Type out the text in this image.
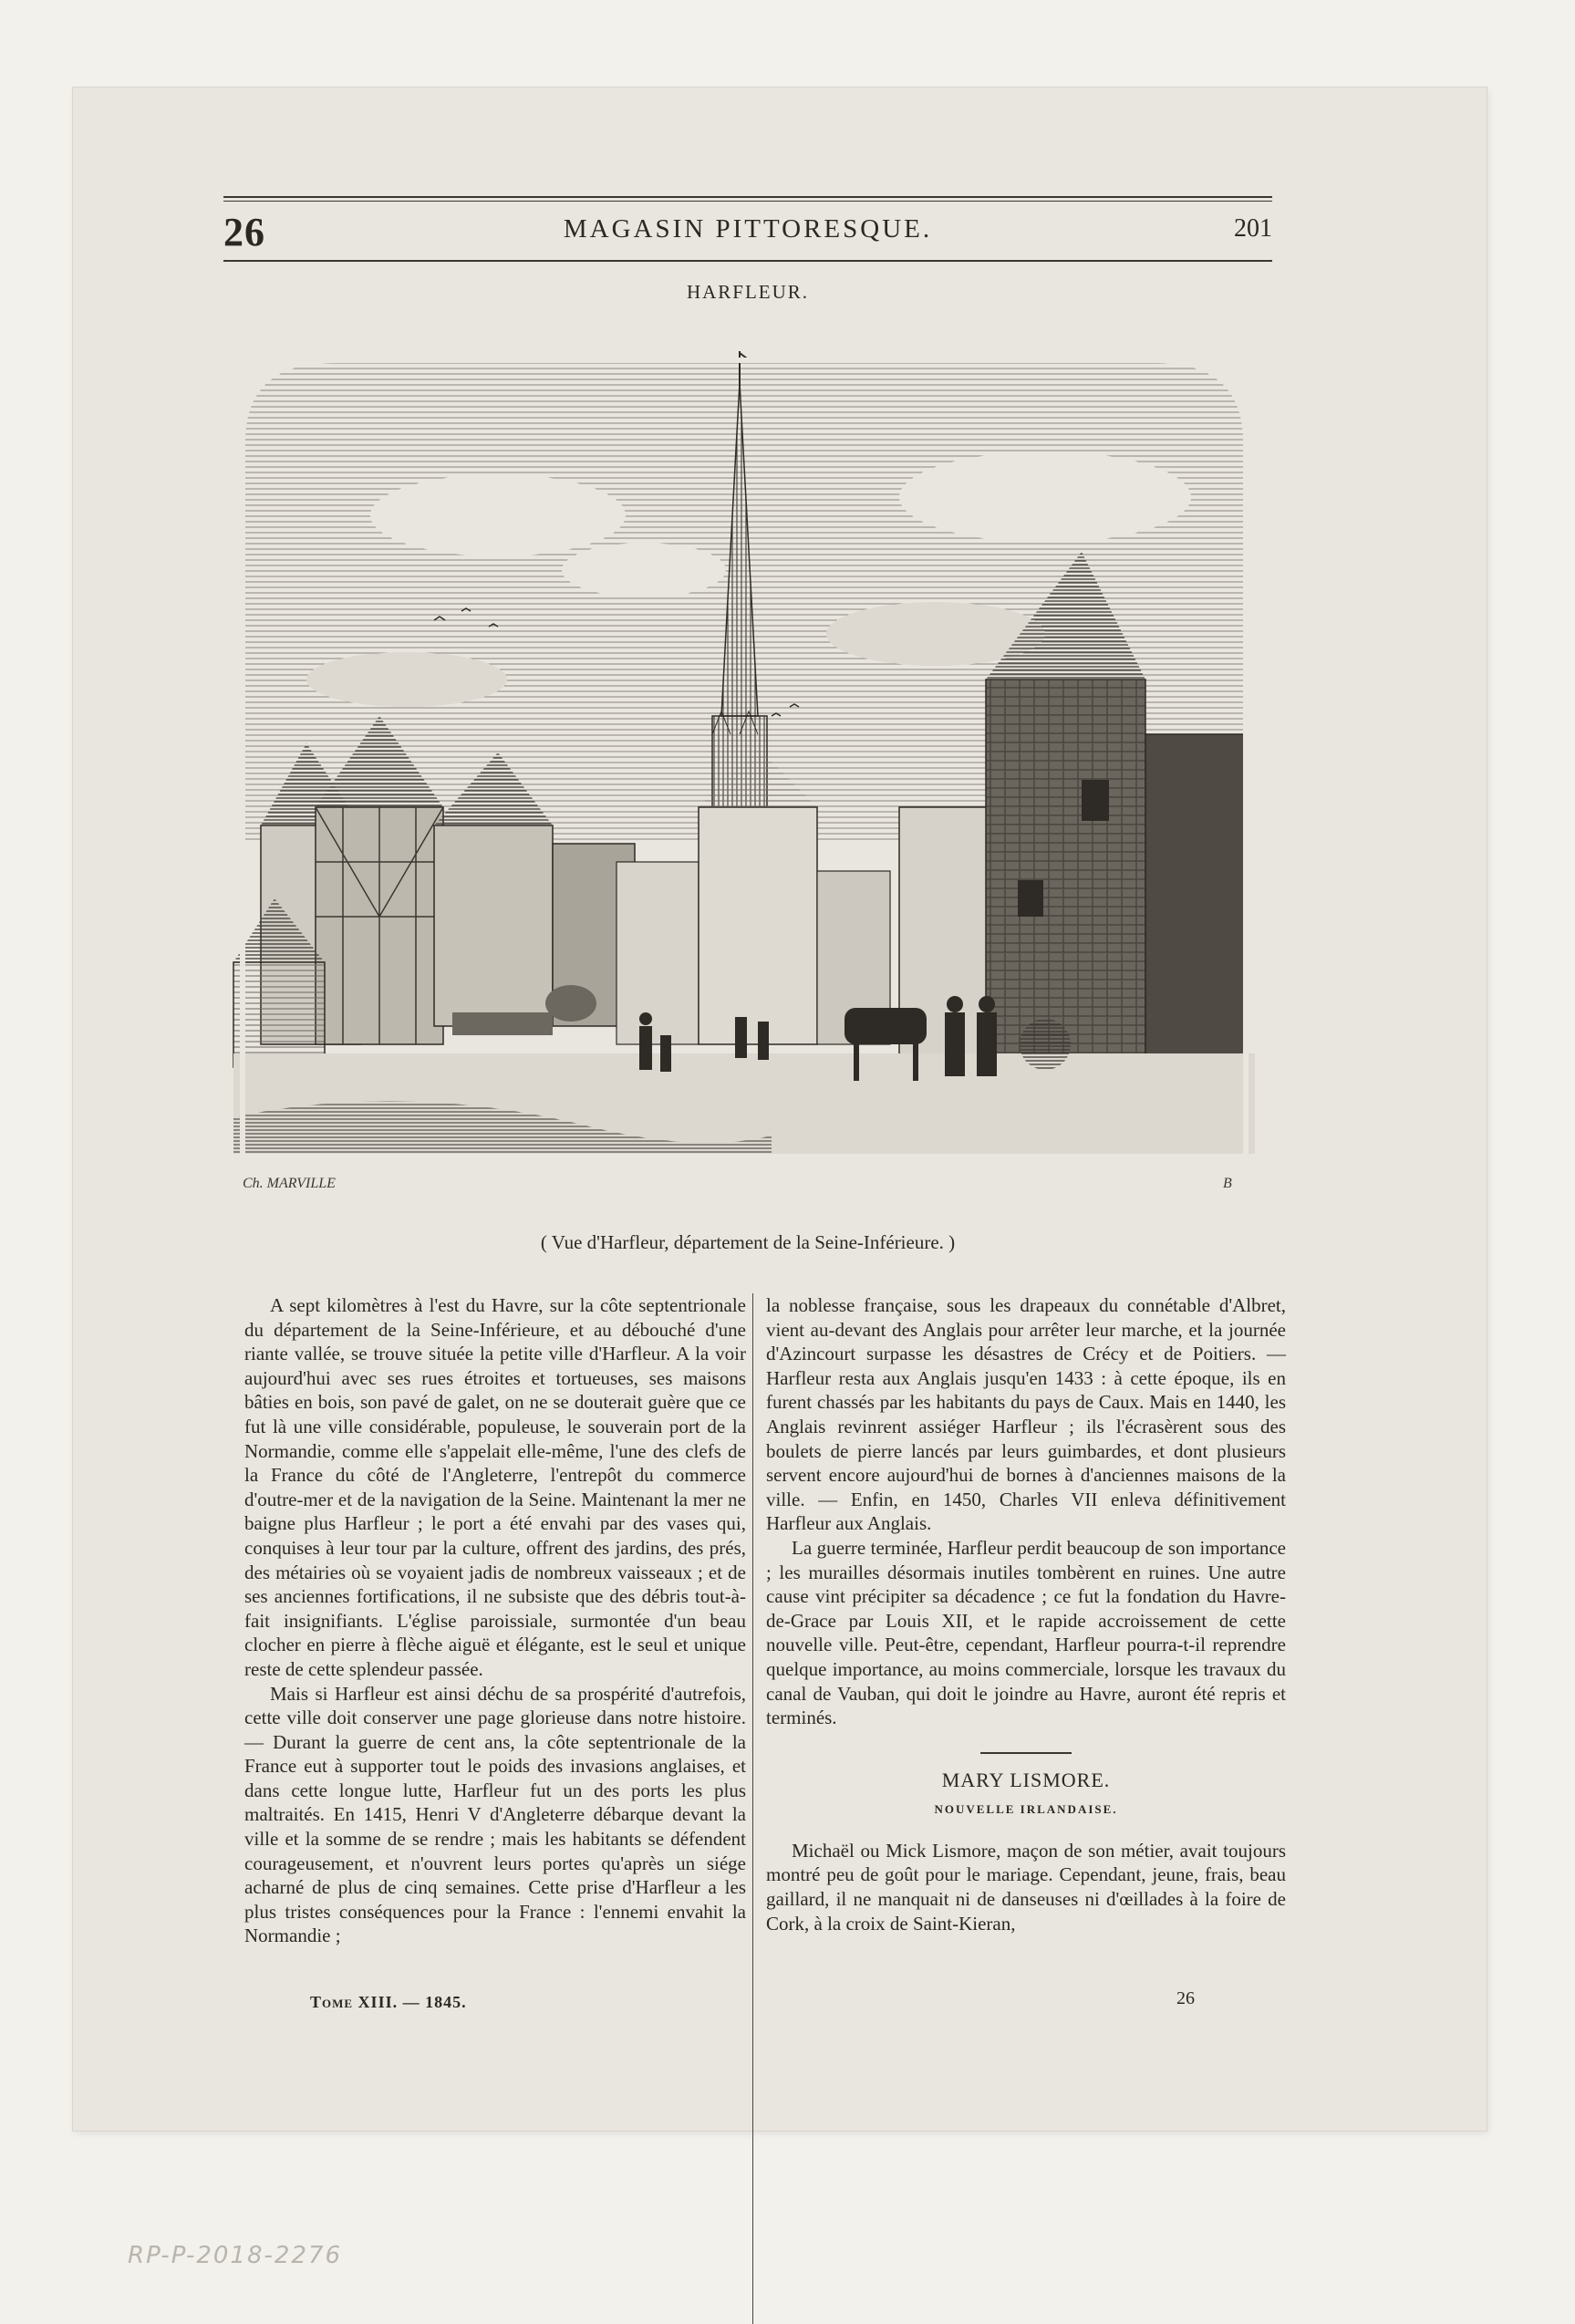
26	MAGASIN PITTORESQUE.	201
HARFLEUR.
Ch. MARVILLE	B
( Vue d'Harfleur, département de la Seine-Inférieure. )

A sept kilomètres à l'est du Havre, sur la côte septentrionale du département de la Seine-Inférieure, et au débouché d'une riante vallée, se trouve située la petite ville d'Harfleur. A la voir aujourd'hui avec ses rues étroites et tortueuses, ses maisons bâties en bois, son pavé de galet, on ne se douterait guère que ce fut là une ville considérable, populeuse, le souverain port de la Normandie, comme elle s'appelait elle-même, l'une des clefs de la France du côté de l'Angleterre, l'entrepôt du commerce d'outre-mer et de la navigation de la Seine. Maintenant la mer ne baigne plus Harfleur ; le port a été envahi par des vases qui, conquises à leur tour par la culture, offrent des jardins, des prés, des métairies où se voyaient jadis de nombreux vaisseaux ; et de ses anciennes fortifications, il ne subsiste que des débris tout-à-fait insignifiants. L'église paroissiale, surmontée d'un beau clocher en pierre à flèche aiguë et élégante, est le seul et unique reste de cette splendeur passée.

Mais si Harfleur est ainsi déchu de sa prospérité d'autrefois, cette ville doit conserver une page glorieuse dans notre histoire. — Durant la guerre de cent ans, la côte septentrionale de la France eut à supporter tout le poids des invasions anglaises, et dans cette longue lutte, Harfleur fut un des ports les plus maltraités. En 1415, Henri V d'Angleterre débarque devant la ville et la somme de se rendre ; mais les habitants se défendent courageusement, et n'ouvrent leurs portes qu'après un siége acharné de plus de cinq semaines. Cette prise d'Harfleur a les plus tristes conséquences pour la France : l'ennemi envahit la Normandie ;

la noblesse française, sous les drapeaux du connétable d'Albret, vient au-devant des Anglais pour arrêter leur marche, et la journée d'Azincourt surpasse les désastres de Crécy et de Poitiers. — Harfleur resta aux Anglais jusqu'en 1433 : à cette époque, ils en furent chassés par les habitants du pays de Caux. Mais en 1440, les Anglais revinrent assiéger Harfleur ; ils l'écrasèrent sous des boulets de pierre lancés par leurs guimbardes, et dont plusieurs servent encore aujourd'hui de bornes à d'anciennes maisons de la ville. — Enfin, en 1450, Charles VII enleva définitivement Harfleur aux Anglais.

La guerre terminée, Harfleur perdit beaucoup de son importance ; les murailles désormais inutiles tombèrent en ruines. Une autre cause vint précipiter sa décadence ; ce fut la fondation du Havre-de-Grace par Louis XII, et le rapide accroissement de cette nouvelle ville. Peut-être, cependant, Harfleur pourra-t-il reprendre quelque importance, au moins commerciale, lorsque les travaux du canal de Vauban, qui doit le joindre au Havre, auront été repris et terminés.

MARY LISMORE.
NOUVELLE IRLANDAISE.

Michaël ou Mick Lismore, maçon de son métier, avait toujours montré peu de goût pour le mariage. Cependant, jeune, frais, beau gaillard, il ne manquait ni de danseuses ni d'œillades à la foire de Cork, à la croix de Saint-Kieran,

Tome XIII. — 1845.	26
RP-P-2018-2276
